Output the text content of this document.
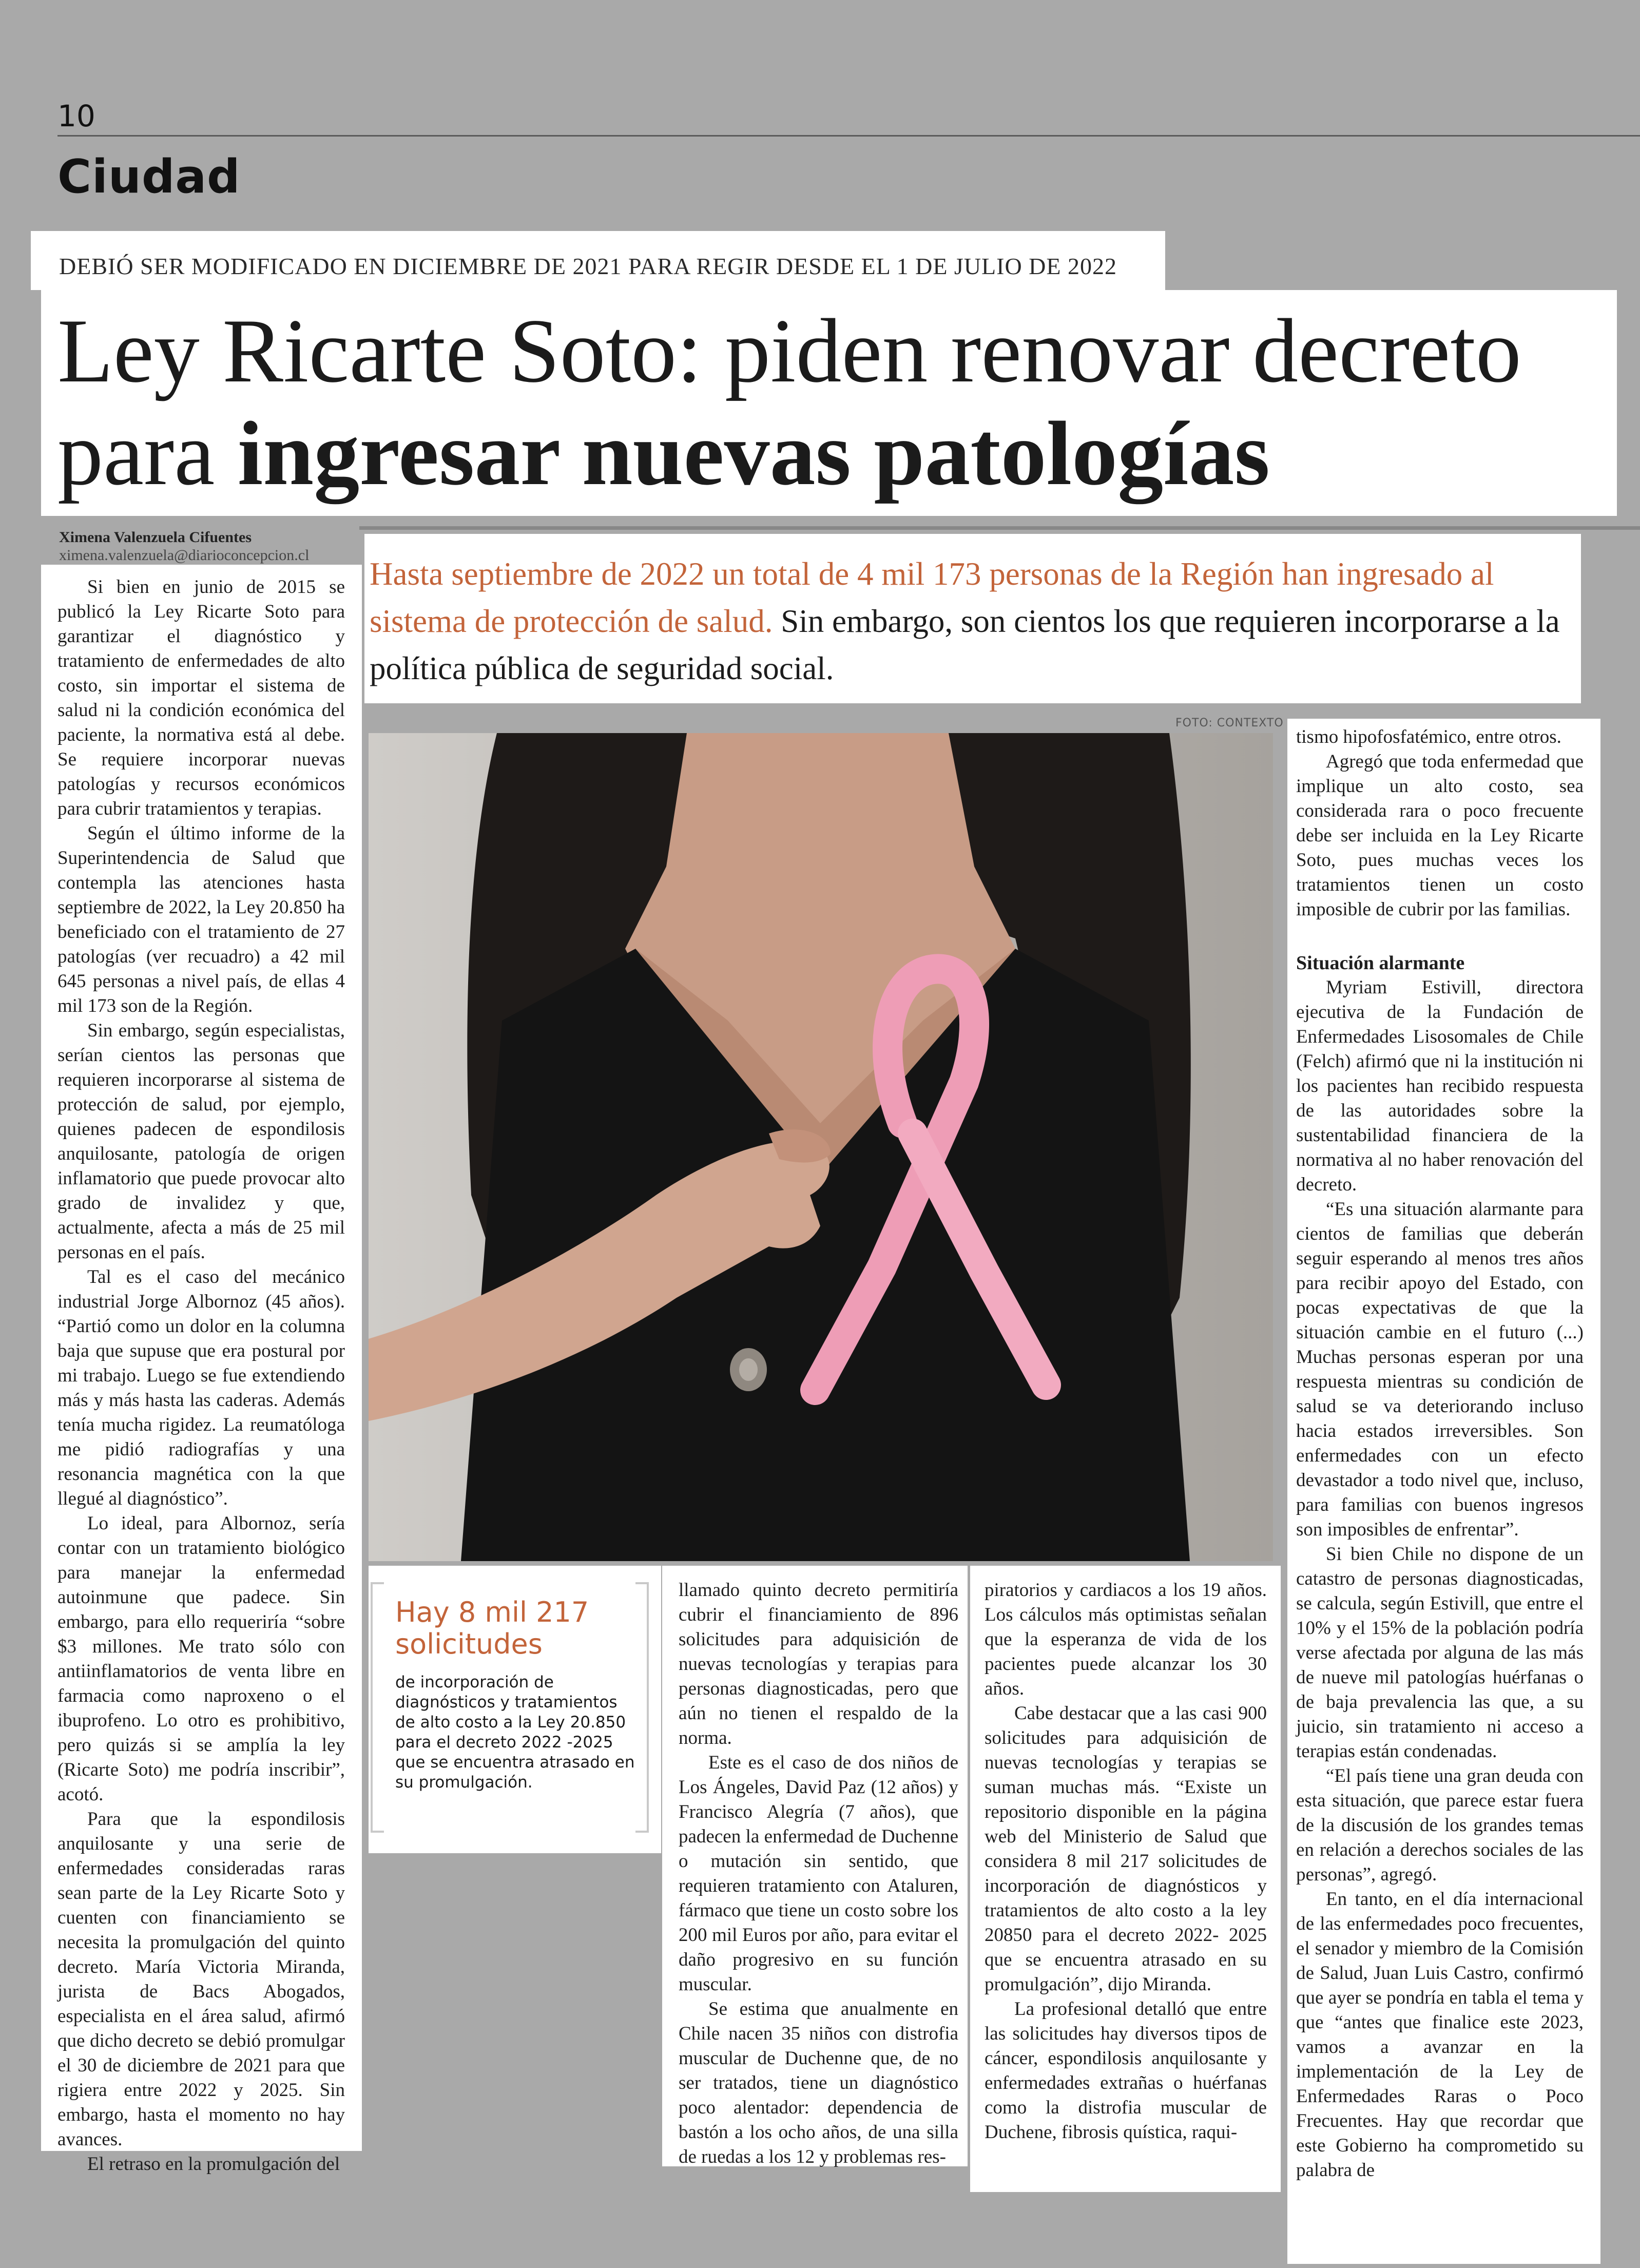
10
Ciudad
DEBIÓ SER MODIFICADO EN DICIEMBRE DE 2021 PARA REGIR DESDE EL 1 DE JULIO DE 2022
Ley Ricarte Soto: piden renovar decreto
para ingresar nuevas patologías
Ximena Valenzuela Cifuentes
ximena.valenzuela@diarioconcepcion.cl
Hasta septiembre de 2022 un total de 4 mil 173 personas de la Región han ingresado al sistema de protección de salud. Sin embargo, son cientos los que requieren incorporarse a la política pública de seguridad social.
FOTO: CONTEXTO

Si bien en junio de 2015 se publicó la Ley Ricarte Soto para garantizar el diagnóstico y tratamiento de enfermedades de alto costo, sin importar el sistema de salud ni la condición económica del paciente, la normativa está al debe. Se requiere incorporar nuevas patologías y recursos económicos para cubrir tratamientos y terapias.

Según el último informe de la Superintendencia de Salud que contempla las atenciones hasta septiembre de 2022, la Ley 20.850 ha beneficiado con el tratamiento de 27 patologías (ver recuadro) a 42 mil 645 personas a nivel país, de ellas 4 mil 173 son de la Región.

Sin embargo, según especialistas, serían cientos las personas que requieren incorporarse al sistema de protección de salud, por ejemplo, quienes padecen de espondilosis anquilosante, patología de origen inflamatorio que puede provocar alto grado de invalidez y que, actualmente, afecta a más de 25 mil personas en el país.

Tal es el caso del mecánico industrial Jorge Albornoz (45 años). “Partió como un dolor en la columna baja que supuse que era postural por mi trabajo. Luego se fue extendiendo más y más hasta las caderas. Además tenía mucha rigidez. La reumatóloga me pidió radiografías y una resonancia magnética con la que llegué al diagnóstico”.

Lo ideal, para Albornoz, sería contar con un tratamiento biológico para manejar la enfermedad autoinmune que padece. Sin embargo, para ello requeriría “sobre $3 millones. Me trato sólo con antiinflamatorios de venta libre en farmacia como naproxeno o el ibuprofeno. Lo otro es prohibitivo, pero quizás si se amplía la ley (Ricarte Soto) me podría inscribir”, acotó.

Para que la espondilosis anquilosante y una serie de enfermedades consideradas raras sean parte de la Ley Ricarte Soto y cuenten con financiamiento se necesita la promulgación del quinto decreto. María Victoria Miranda, jurista de Bacs Abogados, especialista en el área salud, afirmó que dicho decreto se debió promulgar el 30 de diciembre de 2021 para que rigiera entre 2022 y 2025. Sin embargo, hasta el momento no hay avances.

El retraso en la promulgación del

Hay 8 mil 217 solicitudes
de incorporación de diagnósticos y tratamientos de alto costo a la Ley 20.850 para el decreto 2022 -2025 que se encuentra atrasado en su promulgación.

llamado quinto decreto permitiría cubrir el financiamiento de 896 solicitudes para adquisición de nuevas tecnologías y terapias para personas diagnosticadas, pero que aún no tienen el respaldo de la norma.

Este es el caso de dos niños de Los Ángeles, David Paz (12 años) y Francisco Alegría (7 años), que padecen la enfermedad de Duchenne o mutación sin sentido, que requieren tratamiento con Ataluren, fármaco que tiene un costo sobre los 200 mil Euros por año, para evitar el daño progresivo en su función muscular.

Se estima que anualmente en Chile nacen 35 niños con distrofia muscular de Duchenne que, de no ser tratados, tiene un diagnóstico poco alentador: dependencia de bastón a los ocho años, de una silla de ruedas a los 12 y problemas res-

piratorios y cardiacos a los 19 años. Los cálculos más optimistas señalan que la esperanza de vida de los pacientes puede alcanzar los 30 años.

Cabe destacar que a las casi 900 solicitudes para adquisición de nuevas tecnologías y terapias se suman muchas más. “Existe un repositorio disponible en la página web del Ministerio de Salud que considera 8 mil 217 solicitudes de incorporación de diagnósticos y tratamientos de alto costo a la ley 20850 para el decreto 2022- 2025 que se encuentra atrasado en su promulgación”, dijo Miranda.

La profesional detalló que entre las solicitudes hay diversos tipos de cáncer, espondilosis anquilosante y enfermedades extrañas o huérfanas como la distrofia muscular de Duchene, fibrosis quística, raqui-

tismo hipofosfatémico, entre otros.

Agregó que toda enfermedad que implique un alto costo, sea considerada rara o poco frecuente debe ser incluida en la Ley Ricarte Soto, pues muchas veces los tratamientos tienen un costo imposible de cubrir por las familias.

Situación alarmante

Myriam Estivill, directora ejecutiva de la Fundación de Enfermedades Lisosomales de Chile (Felch) afirmó que ni la institución ni los pacientes han recibido respuesta de las autoridades sobre la sustentabilidad financiera de la normativa al no haber renovación del decreto.

“Es una situación alarmante para cientos de familias que deberán seguir esperando al menos tres años para recibir apoyo del Estado, con pocas expectativas de que la situación cambie en el futuro (...) Muchas personas esperan por una respuesta mientras su condición de salud se va deteriorando incluso hacia estados irreversibles. Son enfermedades con un efecto devastador a todo nivel que, incluso, para familias con buenos ingresos son imposibles de enfrentar”.

Si bien Chile no dispone de un catastro de personas diagnosticadas, se calcula, según Estivill, que entre el 10% y el 15% de la población podría verse afectada por alguna de las más de nueve mil patologías huérfanas o de baja prevalencia las que, a su juicio, sin tratamiento ni acceso a terapias están condenadas.

“El país tiene una gran deuda con esta situación, que parece estar fuera de la discusión de los grandes temas en relación a derechos sociales de las personas”, agregó.

En tanto, en el día internacional de las enfermedades poco frecuentes, el senador y miembro de la Comisión de Salud, Juan Luis Castro, confirmó que ayer se pondría en tabla el tema y que “antes que finalice este 2023, vamos a avanzar en la implementación de la Ley de Enfermedades Raras o Poco Frecuentes. Hay que recordar que este Gobierno ha comprometido su palabra de
